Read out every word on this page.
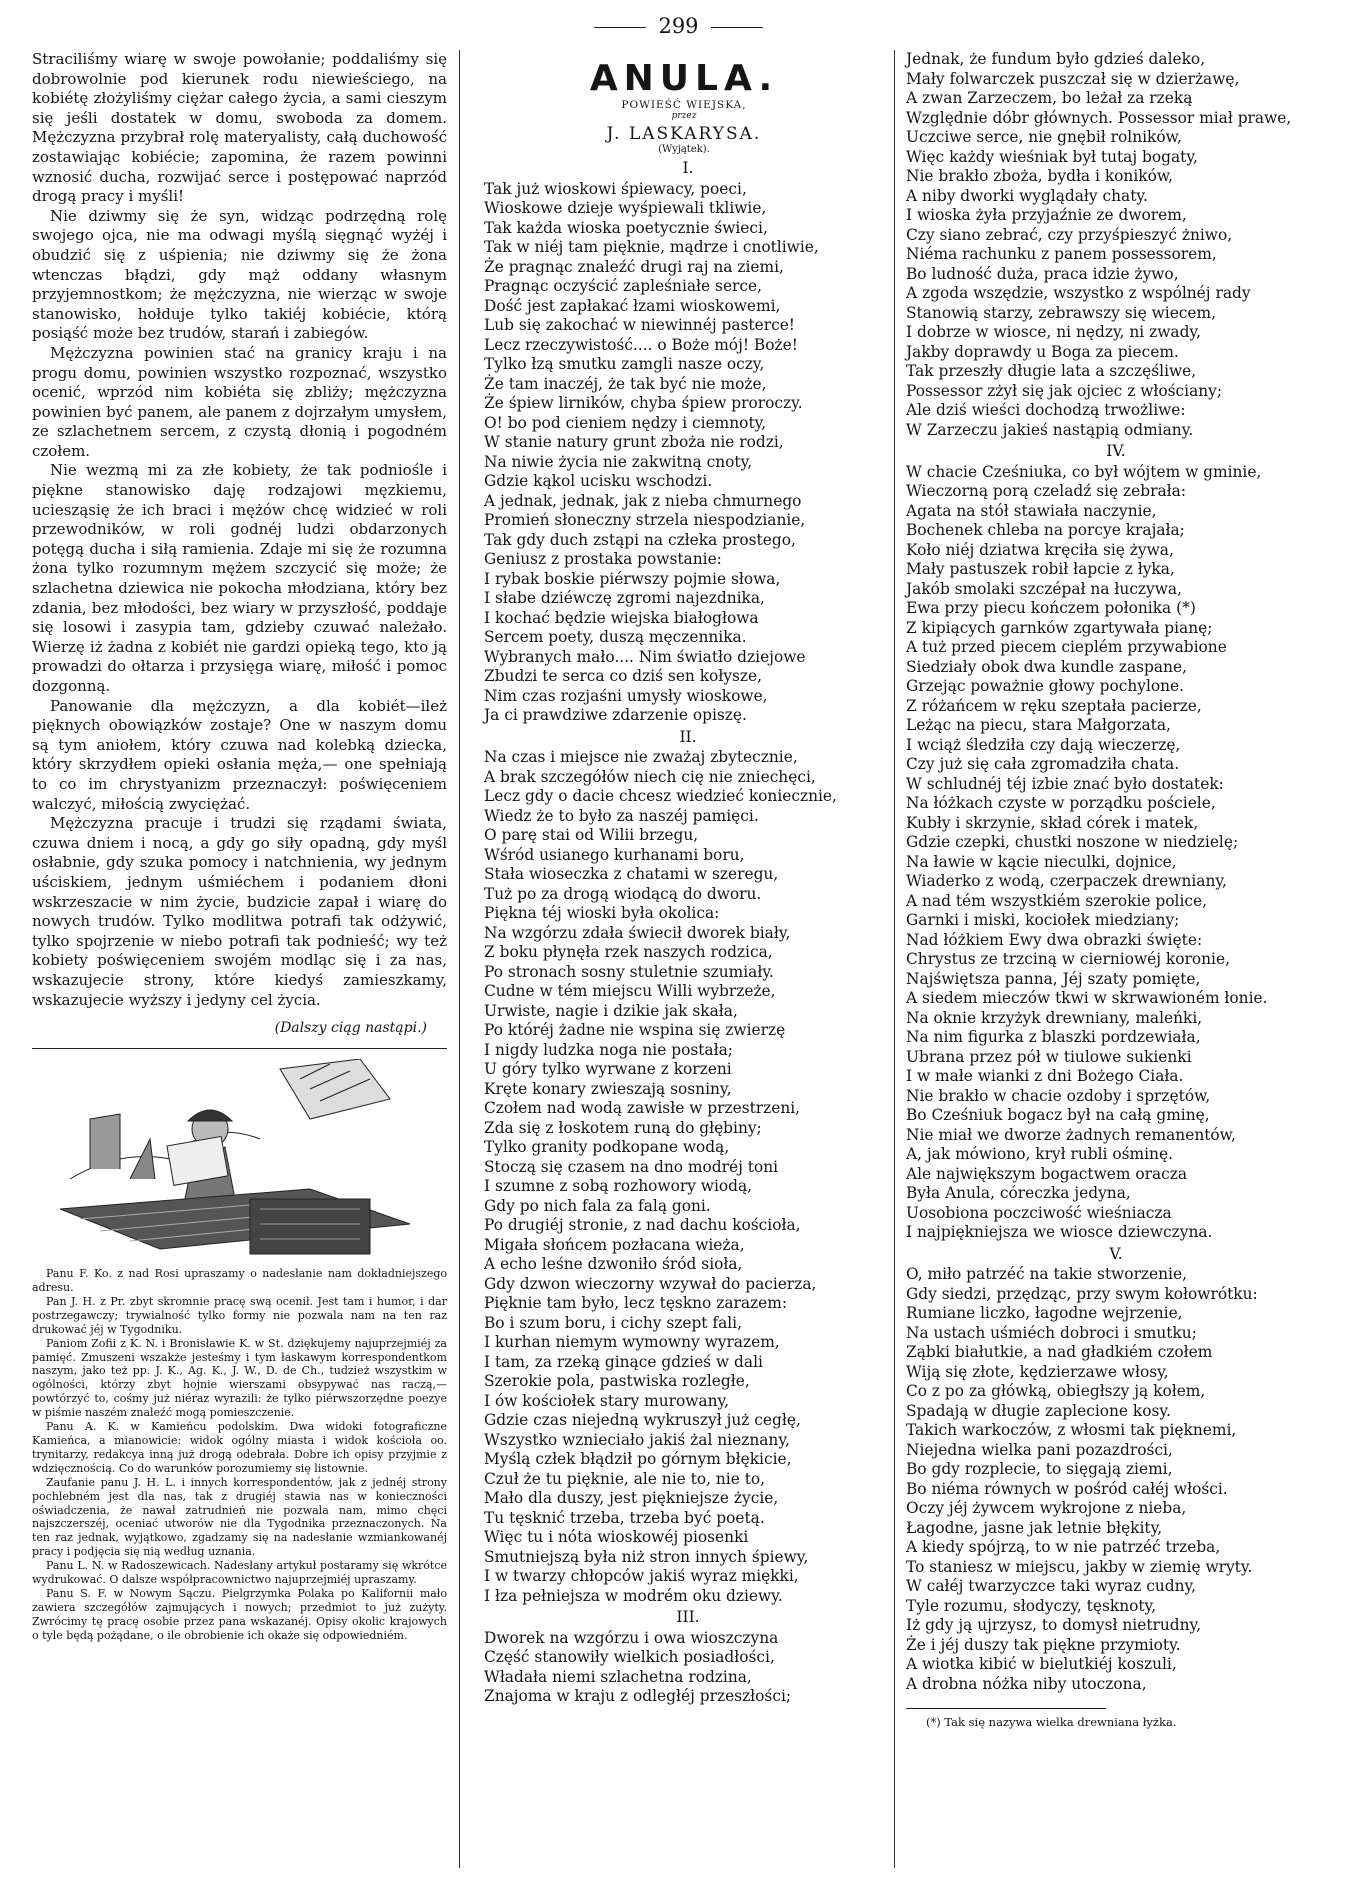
299

Straciliśmy wiarę w swoje powołanie; poddaliśmy się dobrowolnie pod kierunek rodu niewieściego, na kobiétę złożyliśmy ciężar całego życia, a sami cieszym się jeśli dostatek w domu, swoboda za domem. Mężczyzna przybrał rolę materyalisty, całą duchowość zostawiając kobiécie; zapomina, że razem powinni wznosić ducha, rozwijać serce i postępować naprzód drogą pracy i myśli!

Nie dziwmy się że syn, widząc podrzędną rolę swojego ojca, nie ma odwagi myślą sięgnąć wyżéj i obudzić się z uśpienia; nie dziwmy się że żona wtenczas błądzi, gdy mąż oddany własnym przyjemnostkom; że mężczyzna, nie wierząc w swoje stanowisko, hołduje tylko takiéj kobiécie, którą posiąść może bez trudów, starań i zabiegów.

Mężczyzna powinien stać na granicy kraju i na progu domu, powinien wszystko rozpoznać, wszystko ocenić, wprzód nim kobiéta się zbliży; mężczyzna powinien być panem, ale panem z dojrzałym umysłem, ze szlachetnem sercem, z czystą dłonią i pogodném czołem.

Nie wezmą mi za złe kobiety, że tak podniośle i piękne stanowisko daję rodzajowi męzkiemu, uciesząsię że ich braci i mężów chcę widzieć w roli przewodników, w roli godnéj ludzi obdarzonych potęgą ducha i siłą ramienia. Zdaje mi się że rozumna żona tylko rozumnym mężem szczycić się może; że szlachetna dziewica nie pokocha młodziana, który bez zdania, bez młodości, bez wiary w przyszłość, poddaje się losowi i zasypia tam, gdzieby czuwać należało. Wierzę iż żadna z kobiét nie gardzi opieką tego, kto ją prowadzi do ołtarza i przysięga wiarę, miłość i pomoc dozgonną.

Panowanie dla mężczyzn, a dla kobiét—ileż pięknych obowiązków zostaje? One w naszym domu są tym aniołem, który czuwa nad kolebką dziecka, który skrzydłem opieki osłania męża,— one spełniają to co im chrystyanizm przeznaczył: poświęceniem walczyć, miłością zwyciężać.

Mężczyzna pracuje i trudzi się rządami świata, czuwa dniem i nocą, a gdy go siły opadną, gdy myśl osłabnie, gdy szuka pomocy i natchnienia, wy jednym uściskiem, jednym uśmiéchem i podaniem dłoni wskrzeszacie w nim życie, budzicie zapał i wiarę do nowych trudów. Tylko modlitwa potrafi tak odżywić, tylko spojrzenie w niebo potrafi tak podnieść; wy też kobiety poświęceniem swojém modląc się i za nas, wskazujecie strony, które kiedyś zamieszkamy, wskazujecie wyższy i jedyny cel życia.

(Dalszy ciąg nastąpi.)

Panu F. Ko. z nad Rosi upraszamy o nadesłanie nam dokładniejszego adresu.

Pan J. H. z Pr. zbyt skromnie pracę swą ocenił. Jest tam i humor, i dar postrzegawczy; trywialność tylko formy nie pozwala nam na ten raz drukować jéj w Tygodniku.

Paniom Zofii z K. N. i Bronisławie K. w St. dziękujemy najuprzejmiéj za pamięć. Zmuszeni wszakże jesteśmy i tym łaskawym korrespondentkom naszym, jako też pp. J. K., Ag. K., J. W., D. de Ch., tudzież wszystkim w ogólności, którzy zbyt hojnie wierszami obsypywać nas raczą,— powtórzyć to, cośmy już niéraz wyrazili: że tylko piérwszorzędne poezye w piśmie naszém znaleźć mogą pomieszczenie.

Panu A. K. w Kamieńcu podolskim. Dwa widoki fotograficzne Kamieńca, a mianowicie: widok ogólny miasta i widok kościoła oo. trynitarzy, redakcya inną już drogą odebrała. Dobre ich opisy przyjmie z wdzięcznością. Co do warunków porozumiemy się listownie.

Zaufanie panu J. H. L. i innych korrespondentów, jak z jednéj strony pochlebném jest dla nas, tak z drugiéj stawia nas w konieczności oświadczenia, że nawał zatrudnień nie pozwala nam, mimo chęci najszczerszéj, oceniać utworów nie dla Tygodnika przeznaczonych. Na ten raz jednak, wyjątkowo, zgadzamy się na nadesłanie wzmiankowanéj pracy i podjęcia się nią według uznania.

Panu L. N. w Radoszewicach. Nadesłany artykuł postaramy się wkrótce wydrukować. O dalsze współpracownictwo najuprzejmiéj upraszamy.

Panu S. F. w Nowym Sączu. Pielgrzymka Polaka po Kalifornii mało zawiera szczegółów zajmujących i nowych; przedmiot to już zużyty. Zwrócimy tę pracę osobie przez pana wskazanéj. Opisy okolic krajowych o tyle będą pożądane, o ile obrobienie ich okaże się odpowiedniém.

ANULA.
POWIEŚĆ WIEJSKA,
przez
J. LASKARYSA.
(Wyjątek).
I.
Tak już wioskowi śpiewacy, poeci,
Wioskowe dzieje wyśpiewali tkliwie,
Tak każda wioska poetycznie świeci,
Tak w niéj tam pięknie, mądrze i cnotliwie,
Że pragnąc znaleźć drugi raj na ziemi,
Pragnąc oczyścić zapleśniałe serce,
Dość jest zapłakać łzami wioskowemi,
Lub się zakochać w niewinnéj pasterce!
Lecz rzeczywistość.... o Boże mój! Boże!
Tylko łzą smutku zamgli nasze oczy,
Że tam inaczéj, że tak być nie może,
Że śpiew lirników, chyba śpiew proroczy.
O! bo pod cieniem nędzy i ciemnoty,
W stanie natury grunt zboża nie rodzi,
Na niwie życia nie zakwitną cnoty,
Gdzie kąkol ucisku wschodzi.
A jednak, jednak, jak z nieba chmurnego
Promień słoneczny strzela niespodzianie,
Tak gdy duch zstąpi na człeka prostego,
Geniusz z prostaka powstanie:
I rybak boskie piérwszy pojmie słowa,
I słabe dziéwczę zgromi najezdnika,
I kochać będzie wiejska białogłowa
Sercem poety, duszą męczennika.
Wybranych mało.... Nim światło dziejowe
Zbudzi te serca co dziś sen kołysze,
Nim czas rozjaśni umysły wioskowe,
Ja ci prawdziwe zdarzenie opiszę.
II.
Na czas i miejsce nie zważaj zbytecznie,
A brak szczegółów niech cię nie zniechęci,
Lecz gdy o dacie chcesz wiedzieć koniecznie,
Wiedz że to było za naszéj pamięci.
O parę stai od Wilii brzegu,
Wśród usianego kurhanami boru,
Stała wioseczka z chatami w szeregu,
Tuż po za drogą wiodącą do dworu.
Piękna téj wioski była okolica:
Na wzgórzu zdała świecił dworek biały,
Z boku płynęła rzek naszych rodzica,
Po stronach sosny stuletnie szumiały.
Cudne w tém miejscu Willi wybrzeże,
Urwiste, nagie i dzikie jak skała,
Po któréj żadne nie wspina się zwierzę
I nigdy ludzka noga nie postała;
U góry tylko wyrwane z korzeni
Kręte konary zwieszają sosniny,
Czołem nad wodą zawisłe w przestrzeni,
Zda się z łoskotem runą do głębiny;
Tylko granity podkopane wodą,
Stoczą się czasem na dno modréj toni
I szumne z sobą rozhowory wiodą,
Gdy po nich fala za falą goni.
Po drugiéj stronie, z nad dachu kościoła,
Migała słońcem pozłacana wieża,
A echo leśne dzwoniło śród sioła,
Gdy dzwon wieczorny wzywał do pacierza,
Pięknie tam było, lecz tęskno zarazem:
Bo i szum boru, i cichy szept fali,
I kurhan niemym wymowny wyrazem,
I tam, za rzeką ginące gdzieś w dali
Szerokie pola, pastwiska rozległe,
I ów kościołek stary murowany,
Gdzie czas niejedną wykruszył już cegłę,
Wszystko wznieciało jakiś żal nieznany,
Myślą człek błądził po górnym błękicie,
Czuł że tu pięknie, ale nie to, nie to,
Mało dla duszy, jest piękniejsze życie,
Tu tęsknić trzeba, trzeba być poetą.
Więc tu i nóta wioskowéj piosenki
Smutniejszą była niż stron innych śpiewy,
I w twarzy chłopców jakiś wyraz miękki,
I łza pełniejsza w modrém oku dziewy.
III.
Dworek na wzgórzu i owa wioszczyna
Część stanowiły wielkich posiadłości,
Władała niemi szlachetna rodzina,
Znajoma w kraju z odległéj przeszłości;
Jednak, że fundum było gdzieś daleko,
Mały folwarczek puszczał się w dzierżawę,
A zwan Zarzeczem, bo leżał za rzeką
Względnie dóbr głównych. Possessor miał prawe,
Uczciwe serce, nie gnębił rolników,
Więc każdy wieśniak był tutaj bogaty,
Nie brakło zboża, bydła i koników,
A niby dworki wyglądały chaty.
I wioska żyła przyjaźnie ze dworem,
Czy siano zebrać, czy przyśpieszyć żniwo,
Niéma rachunku z panem possessorem,
Bo ludność duża, praca idzie żywo,
A zgoda wszędzie, wszystko z wspólnéj rady
Stanowią starzy, zebrawszy się wiecem,
I dobrze w wiosce, ni nędzy, ni zwady,
Jakby doprawdy u Boga za piecem.
Tak przeszły długie lata a szczęśliwe,
Possessor zżył się jak ojciec z włościany;
Ale dziś wieści dochodzą trwożliwe:
W Zarzeczu jakieś nastąpią odmiany.
IV.
W chacie Cześniuka, co był wójtem w gminie,
Wieczorną porą czeladź się zebrała:
Agata na stół stawiała naczynie,
Bochenek chleba na porcye krajała;
Koło niéj dziatwa kręciła się żywa,
Mały pastuszek robił łapcie z łyka,
Jakób smolaki szczépał na łuczywa,
Ewa przy piecu kończem połonika (*)
Z kipiących garnków zgartywała pianę;
A tuż przed piecem cieplém przywabione
Siedziały obok dwa kundle zaspane,
Grzejąc poważnie głowy pochylone.
Z różańcem w ręku szeptała pacierze,
Leżąc na piecu, stara Małgorzata,
I wciąż śledziła czy dają wieczerzę,
Czy już się cała zgromadziła chata.
W schludnéj téj izbie znać było dostatek:
Na łóżkach czyste w porządku pościele,
Kubły i skrzynie, skład córek i matek,
Gdzie czepki, chustki noszone w niedzielę;
Na ławie w kącie nieculki, dojnice,
Wiaderko z wodą, czerpaczek drewniany,
A nad tém wszystkiém szerokie police,
Garnki i miski, kociołek miedziany;
Nad łóżkiem Ewy dwa obrazki święte:
Chrystus ze trzciną w cierniowéj koronie,
Najświętsza panna, Jéj szaty pomięte,
A siedem mieczów tkwi w skrwawioném łonie.
Na oknie krzyżyk drewniany, maleńki,
Na nim figurka z blaszki pordzewiała,
Ubrana przez pół w tiulowe sukienki
I w małe wianki z dni Bożego Ciała.
Nie brakło w chacie ozdoby i sprzętów,
Bo Cześniuk bogacz był na całą gminę,
Nie miał we dworze żadnych remanentów,
A, jak mówiono, krył rubli ośminę.
Ale największym bogactwem oracza
Była Anula, córeczka jedyna,
Uosobiona poczciwość wieśniacza
I najpiękniejsza we wiosce dziewczyna.
V.
O, miło patrzéć na takie stworzenie,
Gdy siedzi, przędząc, przy swym kołowrótku:
Rumiane liczko, łagodne wejrzenie,
Na ustach uśmiéch dobroci i smutku;
Ząbki białutkie, a nad gładkiém czołem
Wiją się złote, kędzierzawe włosy,
Co z po za główką, obiegłszy ją kołem,
Spadają w długie zaplecione kosy.
Takich warkoczów, z włosmi tak pięknemi,
Niejedna wielka pani pozazdrości,
Bo gdy rozplecie, to sięgają ziemi,
Bo niéma równych w pośród całéj włości.
Oczy jéj żywcem wykrojone z nieba,
Łagodne, jasne jak letnie błękity,
A kiedy spójrzą, to w nie patrzéć trzeba,
To staniesz w miejscu, jakby w ziemię wryty.
W całéj twarzyczce taki wyraz cudny,
Tyle rozumu, słodyczy, tęsknoty,
Iż gdy ją ujrzysz, to domysł nietrudny,
Że i jéj duszy tak piękne przymioty.
A wiotka kibić w bielutkiéj koszuli,
A drobna nóżka niby utoczona,
(*) Tak się nazywa wielka drewniana łyżka.
